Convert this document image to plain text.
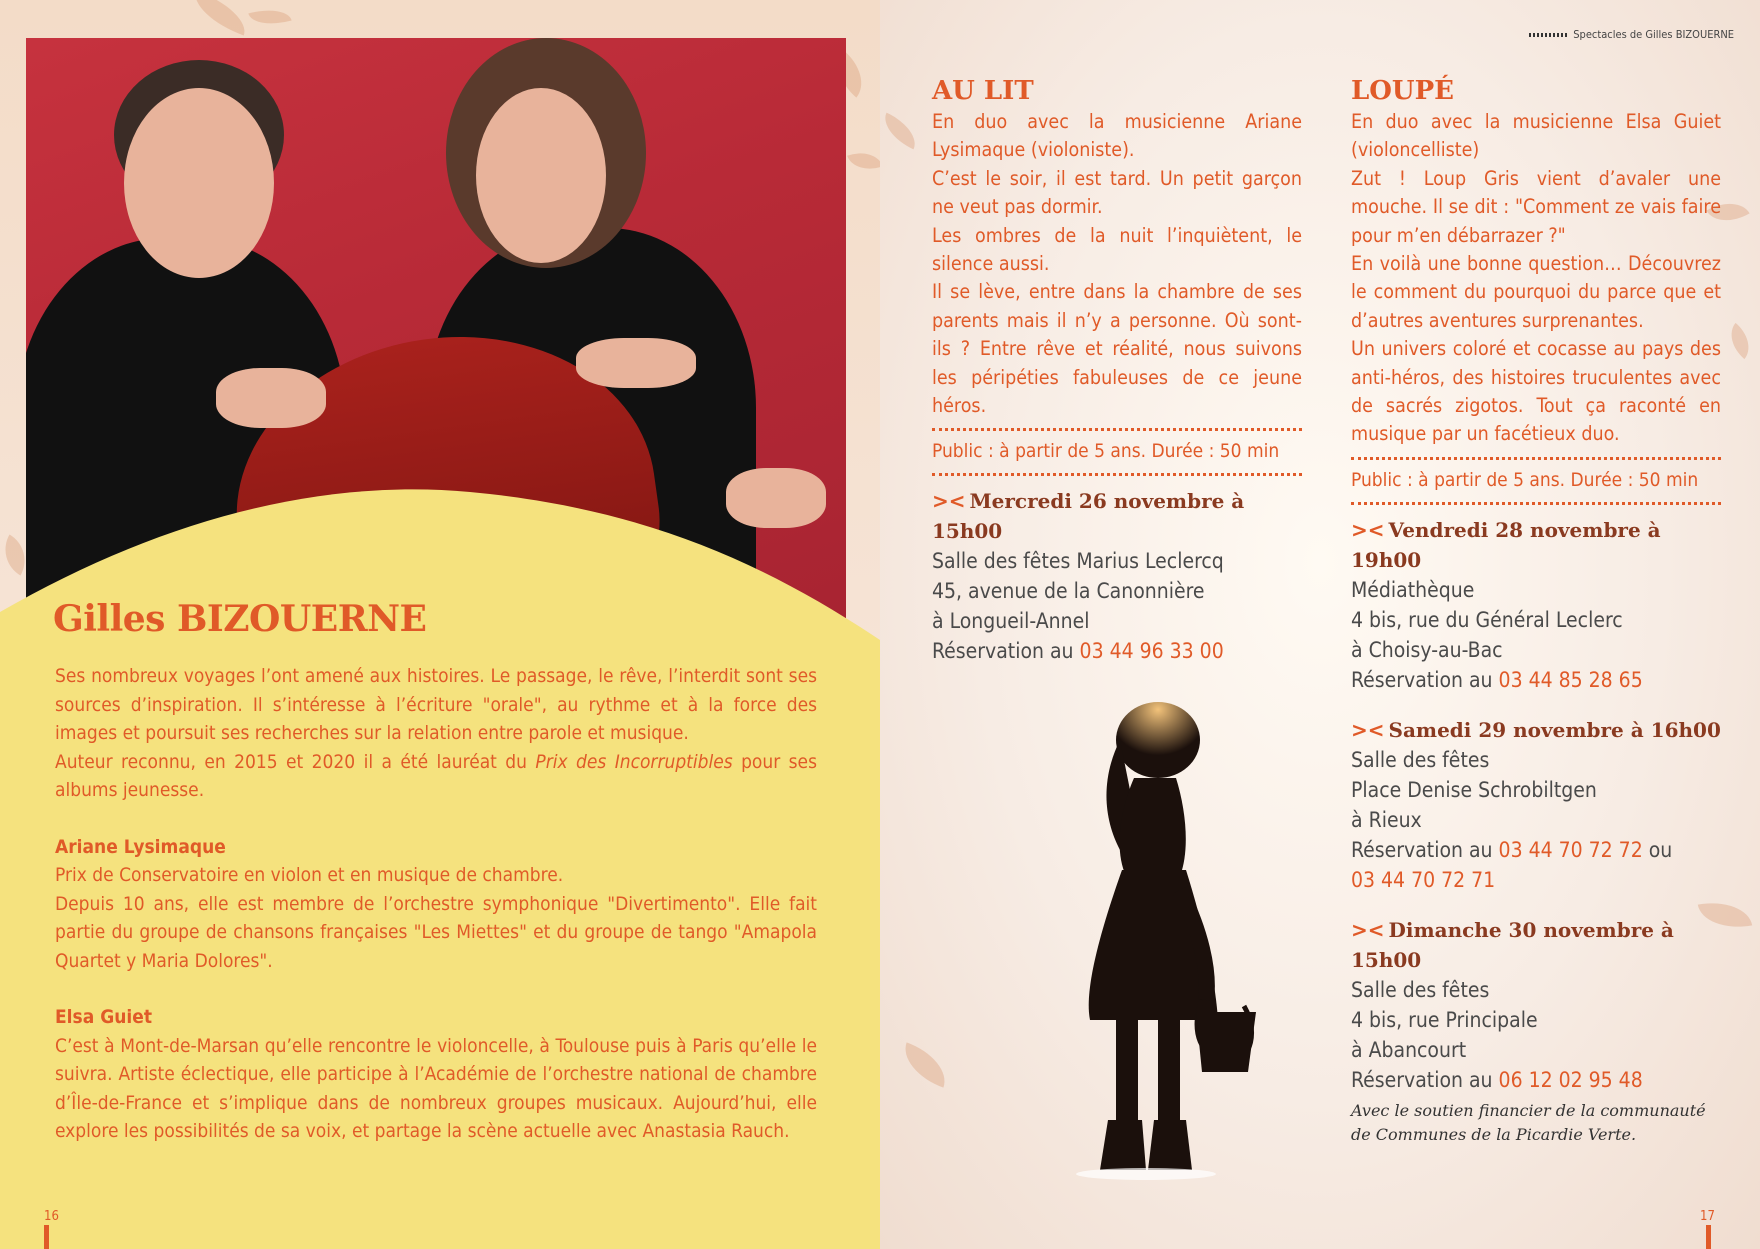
Gilles BIZOUERNE

Ses nombreux voyages l’ont amené aux histoires. Le passage, le rêve, l’interdit sont ses sources d’inspiration. Il s’intéresse à l’écriture "orale", au rythme et à la force des images et poursuit ses recherches sur la relation entre parole et musique.

Auteur reconnu, en 2015 et 2020 il a été lauréat du Prix des Incorruptibles pour ses albums jeunesse.

Ariane Lysimaque

Prix de Conservatoire en violon et en musique de chambre.

Depuis 10 ans, elle est membre de l’orchestre symphonique "Divertimento". Elle fait partie du groupe de chansons françaises "Les Miettes" et du groupe de tango "Amapola Quartet y Maria Dolores".

Elsa Guiet

C’est à Mont-de-Marsan qu’elle rencontre le violoncelle, à Toulouse puis à Paris qu’elle le suivra. Artiste éclectique, elle participe à l’Académie de l’orchestre national de chambre d’Île-de-France et s’implique dans de nombreux groupes musicaux. Aujourd’hui, elle explore les possibilités de sa voix, et partage la scène actuelle avec Anastasia Rauch.

16
Spectacles de Gilles BIZOUERNE
17
AU LIT

En duo avec la musicienne Ariane Lysimaque (violoniste).

C’est le soir, il est tard. Un petit garçon ne veut pas dormir.

Les ombres de la nuit l’inquiètent, le silence aussi.

Il se lève, entre dans la chambre de ses parents mais il n’y a personne. Où sont-ils ? Entre rêve et réalité, nous suivons les péripéties fabuleuses de ce jeune héros.

Public : à partir de 5 ans. Durée : 50 min
>< Mercredi 26 novembre à 15h00
Salle des fêtes Marius Leclercq
45, avenue de la Canonnière
à Longueil-Annel
Réservation au 03 44 96 33 00
LOUPÉ

En duo avec la musicienne Elsa Guiet (violoncelliste)

Zut ! Loup Gris vient d’avaler une mouche. Il se dit : "Comment ze vais faire pour m’en débarrazer ?"

En voilà une bonne question… Découvrez le comment du pourquoi du parce que et d’autres aventures surprenantes.

Un univers coloré et cocasse au pays des anti-héros, des histoires truculentes avec de sacrés zigotos. Tout ça raconté en musique par un facétieux duo.

Public : à partir de 5 ans. Durée : 50 min
>< Vendredi 28 novembre à 19h00
Médiathèque
4 bis, rue du Général Leclerc
à Choisy-au-Bac
Réservation au 03 44 85 28 65
>< Samedi 29 novembre à 16h00
Salle des fêtes
Place Denise Schrobiltgen
à Rieux
Réservation au 03 44 70 72 72 ou
03 44 70 72 71
>< Dimanche 30 novembre à 15h00
Salle des fêtes
4 bis, rue Principale
à Abancourt
Réservation au 06 12 02 95 48
Avec le soutien financier de la communauté de Communes de la Picardie Verte.
